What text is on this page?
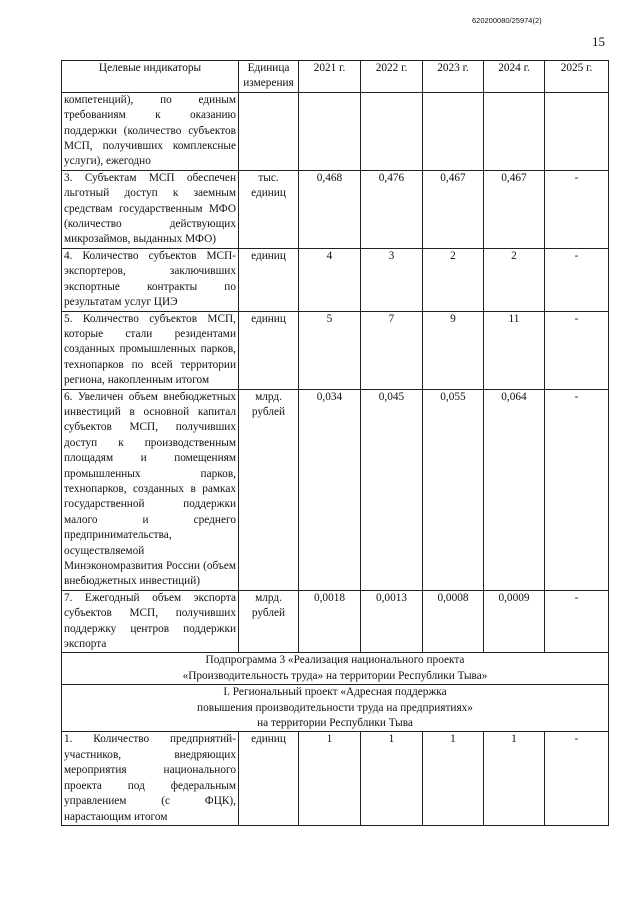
620200080/25974(2)
15
Целевые индикаторы	Единица измерения	2021 г.	2022 г.	2023 г.	2024 г.	2025 г.
компетенций), по единым требованиям к оказанию поддержки (количество субъектов МСП, получивших комплексные услуги), ежегодно						
3. Субъектам МСП обеспечен льготный доступ к заемным средствам государственным МФО (количество действующих микрозаймов, выданных МФО)	тыс. единиц	0,468	0,476	0,467	0,467	-
4. Количество субъектов МСП-экспортеров, заключивших экспортные контракты по результатам услуг ЦИЭ	единиц	4	3	2	2	-
5. Количество субъектов МСП, которые стали резидентами созданных промышленных парков, технопарков по всей территории региона, накопленным итогом	единиц	5	7	9	11	-
6. Увеличен объем внебюджетных инвестиций в основной капитал субъектов МСП, получивших доступ к производственным площадям и помещениям промышленных парков, технопарков, созданных в рамках государственной поддержки малого и среднего предпринимательства, осуществляемой Минэкономразвития России (объем внебюджетных инвестиций)	млрд. рублей	0,034	0,045	0,055	0,064	-
7. Ежегодный объем экспорта субъектов МСП, получивших поддержку центров поддержки экспорта	млрд. рублей	0,0018	0,0013	0,0008	0,0009	-

Подпрограмма 3 «Реализация национального проекта
«Производительность труда» на территории Республики Тыва»						

I. Региональный проект «Адресная поддержка
повышения производительности труда на предприятиях»
на территории Республики Тыва						

1. Количество предприятий-участников, внедряющих мероприятия национального проекта под федеральным управлением (с ФЦК), нарастающим итогом	единиц	1	1	1	1	-
